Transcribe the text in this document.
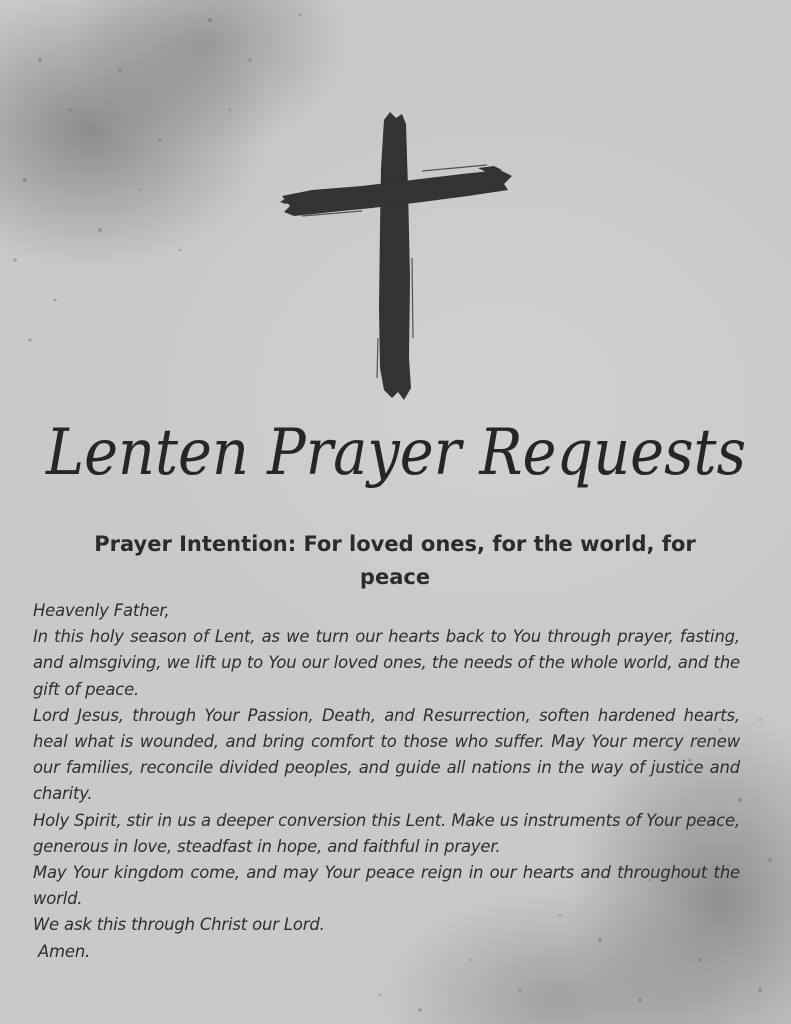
Lenten Prayer Requests

Prayer Intention: For loved ones, for the world, for peace

Heavenly Father,

In this holy season of Lent, as we turn our hearts back to You through prayer, fasting, and almsgiving, we lift up to You our loved ones, the needs of the whole world, and the gift of peace.

Lord Jesus, through Your Passion, Death, and Resurrection, soften hardened hearts, heal what is wounded, and bring comfort to those who suffer. May Your mercy renew our families, reconcile divided peoples, and guide all nations in the way of justice and charity.

Holy Spirit, stir in us a deeper conversion this Lent. Make us instruments of Your peace, generous in love, steadfast in hope, and faithful in prayer.

May Your kingdom come, and may Your peace reign in our hearts and throughout the world.

We ask this through Christ our Lord.

Amen.
